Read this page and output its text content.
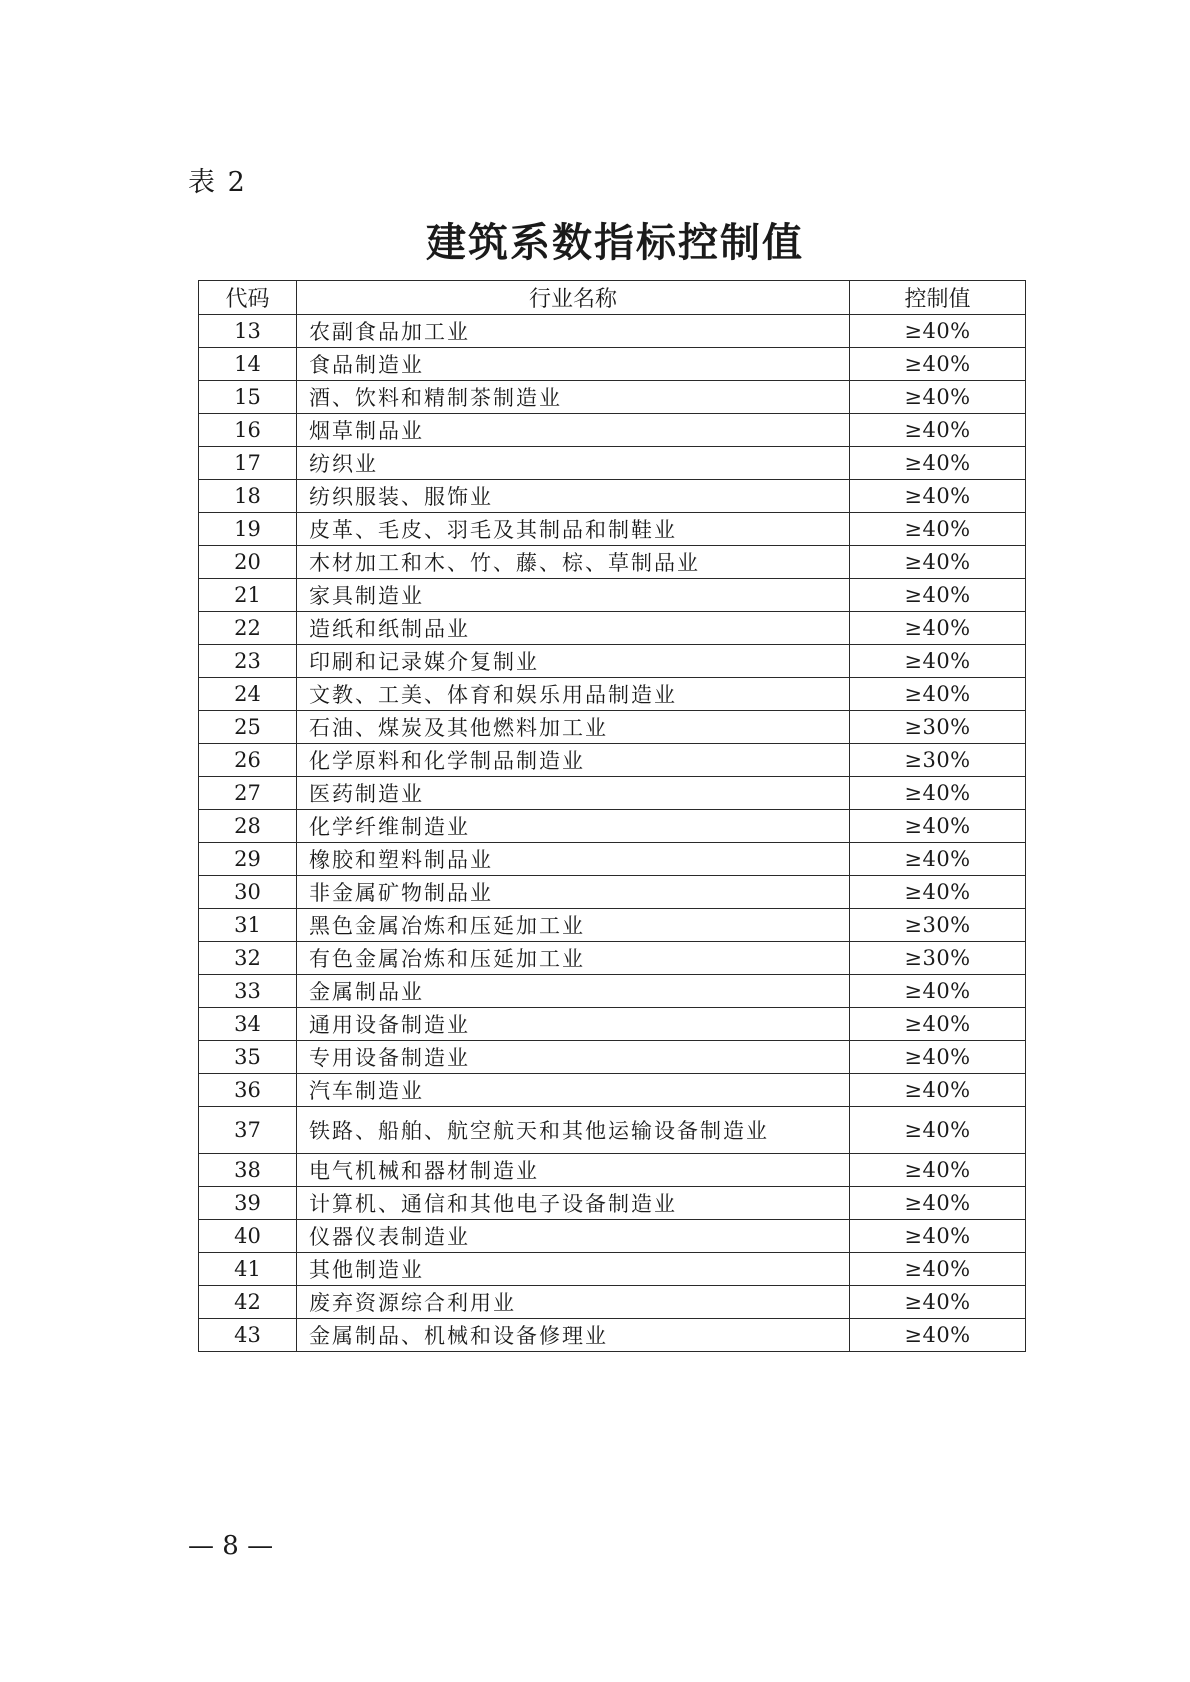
表 2
建筑系数指标控制值
代码	行业名称	控制值
13	农副食品加工业	≥40%
14	食品制造业	≥40%
15	酒、饮料和精制茶制造业	≥40%
16	烟草制品业	≥40%
17	纺织业	≥40%
18	纺织服装、服饰业	≥40%
19	皮革、毛皮、羽毛及其制品和制鞋业	≥40%
20	木材加工和木、竹、藤、棕、草制品业	≥40%
21	家具制造业	≥40%
22	造纸和纸制品业	≥40%
23	印刷和记录媒介复制业	≥40%
24	文教、工美、体育和娱乐用品制造业	≥40%
25	石油、煤炭及其他燃料加工业	≥30%
26	化学原料和化学制品制造业	≥30%
27	医药制造业	≥40%
28	化学纤维制造业	≥40%
29	橡胶和塑料制品业	≥40%
30	非金属矿物制品业	≥40%
31	黑色金属冶炼和压延加工业	≥30%
32	有色金属冶炼和压延加工业	≥30%
33	金属制品业	≥40%
34	通用设备制造业	≥40%
35	专用设备制造业	≥40%
36	汽车制造业	≥40%
37	铁路、船舶、航空航天和其他运输设备制造业	≥40%
38	电气机械和器材制造业	≥40%
39	计算机、通信和其他电子设备制造业	≥40%
40	仪器仪表制造业	≥40%
41	其他制造业	≥40%
42	废弃资源综合利用业	≥40%
43	金属制品、机械和设备修理业	≥40%
— 8 —
